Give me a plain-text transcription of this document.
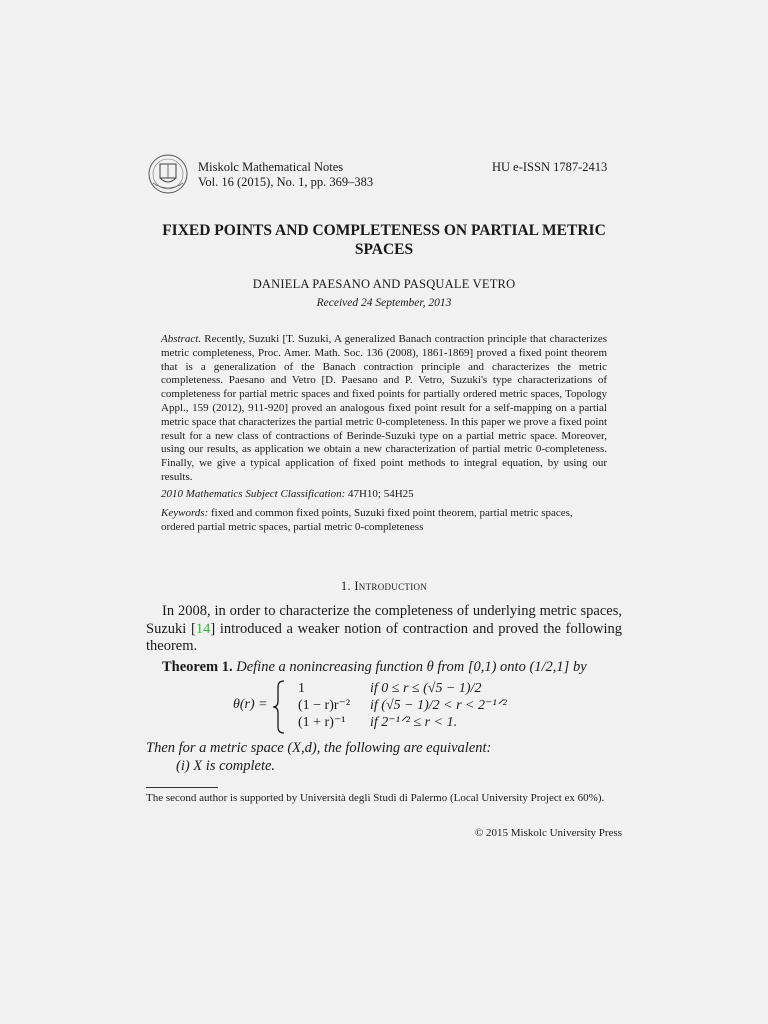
Miskolc Mathematical Notes
Vol. 16 (2015), No. 1, pp. 369–383
HU e-ISSN 1787-2413
FIXED POINTS AND COMPLETENESS ON PARTIAL METRIC SPACES
DANIELA PAESANO AND PASQUALE VETRO
Received 24 September, 2013
Abstract. Recently, Suzuki [T. Suzuki, A generalized Banach contraction principle that characterizes metric completeness, Proc. Amer. Math. Soc. 136 (2008), 1861-1869] proved a fixed point theorem that is a generalization of the Banach contraction principle and characterizes the metric completeness. Paesano and Vetro [D. Paesano and P. Vetro, Suzuki's type characterizations of completeness for partial metric spaces and fixed points for partially ordered metric spaces, Topology Appl., 159 (2012), 911-920] proved an analogous fixed point result for a self-mapping on a partial metric space that characterizes the partial metric 0-completeness. In this paper we prove a fixed point result for a new class of contractions of Berinde-Suzuki type on a partial metric space. Moreover, using our results, as application we obtain a new characterization of partial metric 0-completeness. Finally, we give a typical application of fixed point methods to integral equation, by using our results.
2010 Mathematics Subject Classification: 47H10; 54H25
Keywords: fixed and common fixed points, Suzuki fixed point theorem, partial metric spaces, ordered partial metric spaces, partial metric 0-completeness
1. Introduction
In 2008, in order to characterize the completeness of underlying metric spaces, Suzuki [14] introduced a weaker notion of contraction and proved the following theorem.
Theorem 1. Define a nonincreasing function θ from [0,1) onto (1/2,1] by
θ(r) =
1	if 0 ≤ r ≤ (√5 − 1)/2
(1 − r)r⁻² if (√5 − 1)/2 < r < 2⁻¹ᐟ²
(1 + r)⁻¹ if 2⁻¹ᐟ² ≤ r < 1.
Then for a metric space (X,d), the following are equivalent:
(i) X is complete.
The second author is supported by Università degli Studi di Palermo (Local University Project ex 60%).
© 2015 Miskolc University Press
